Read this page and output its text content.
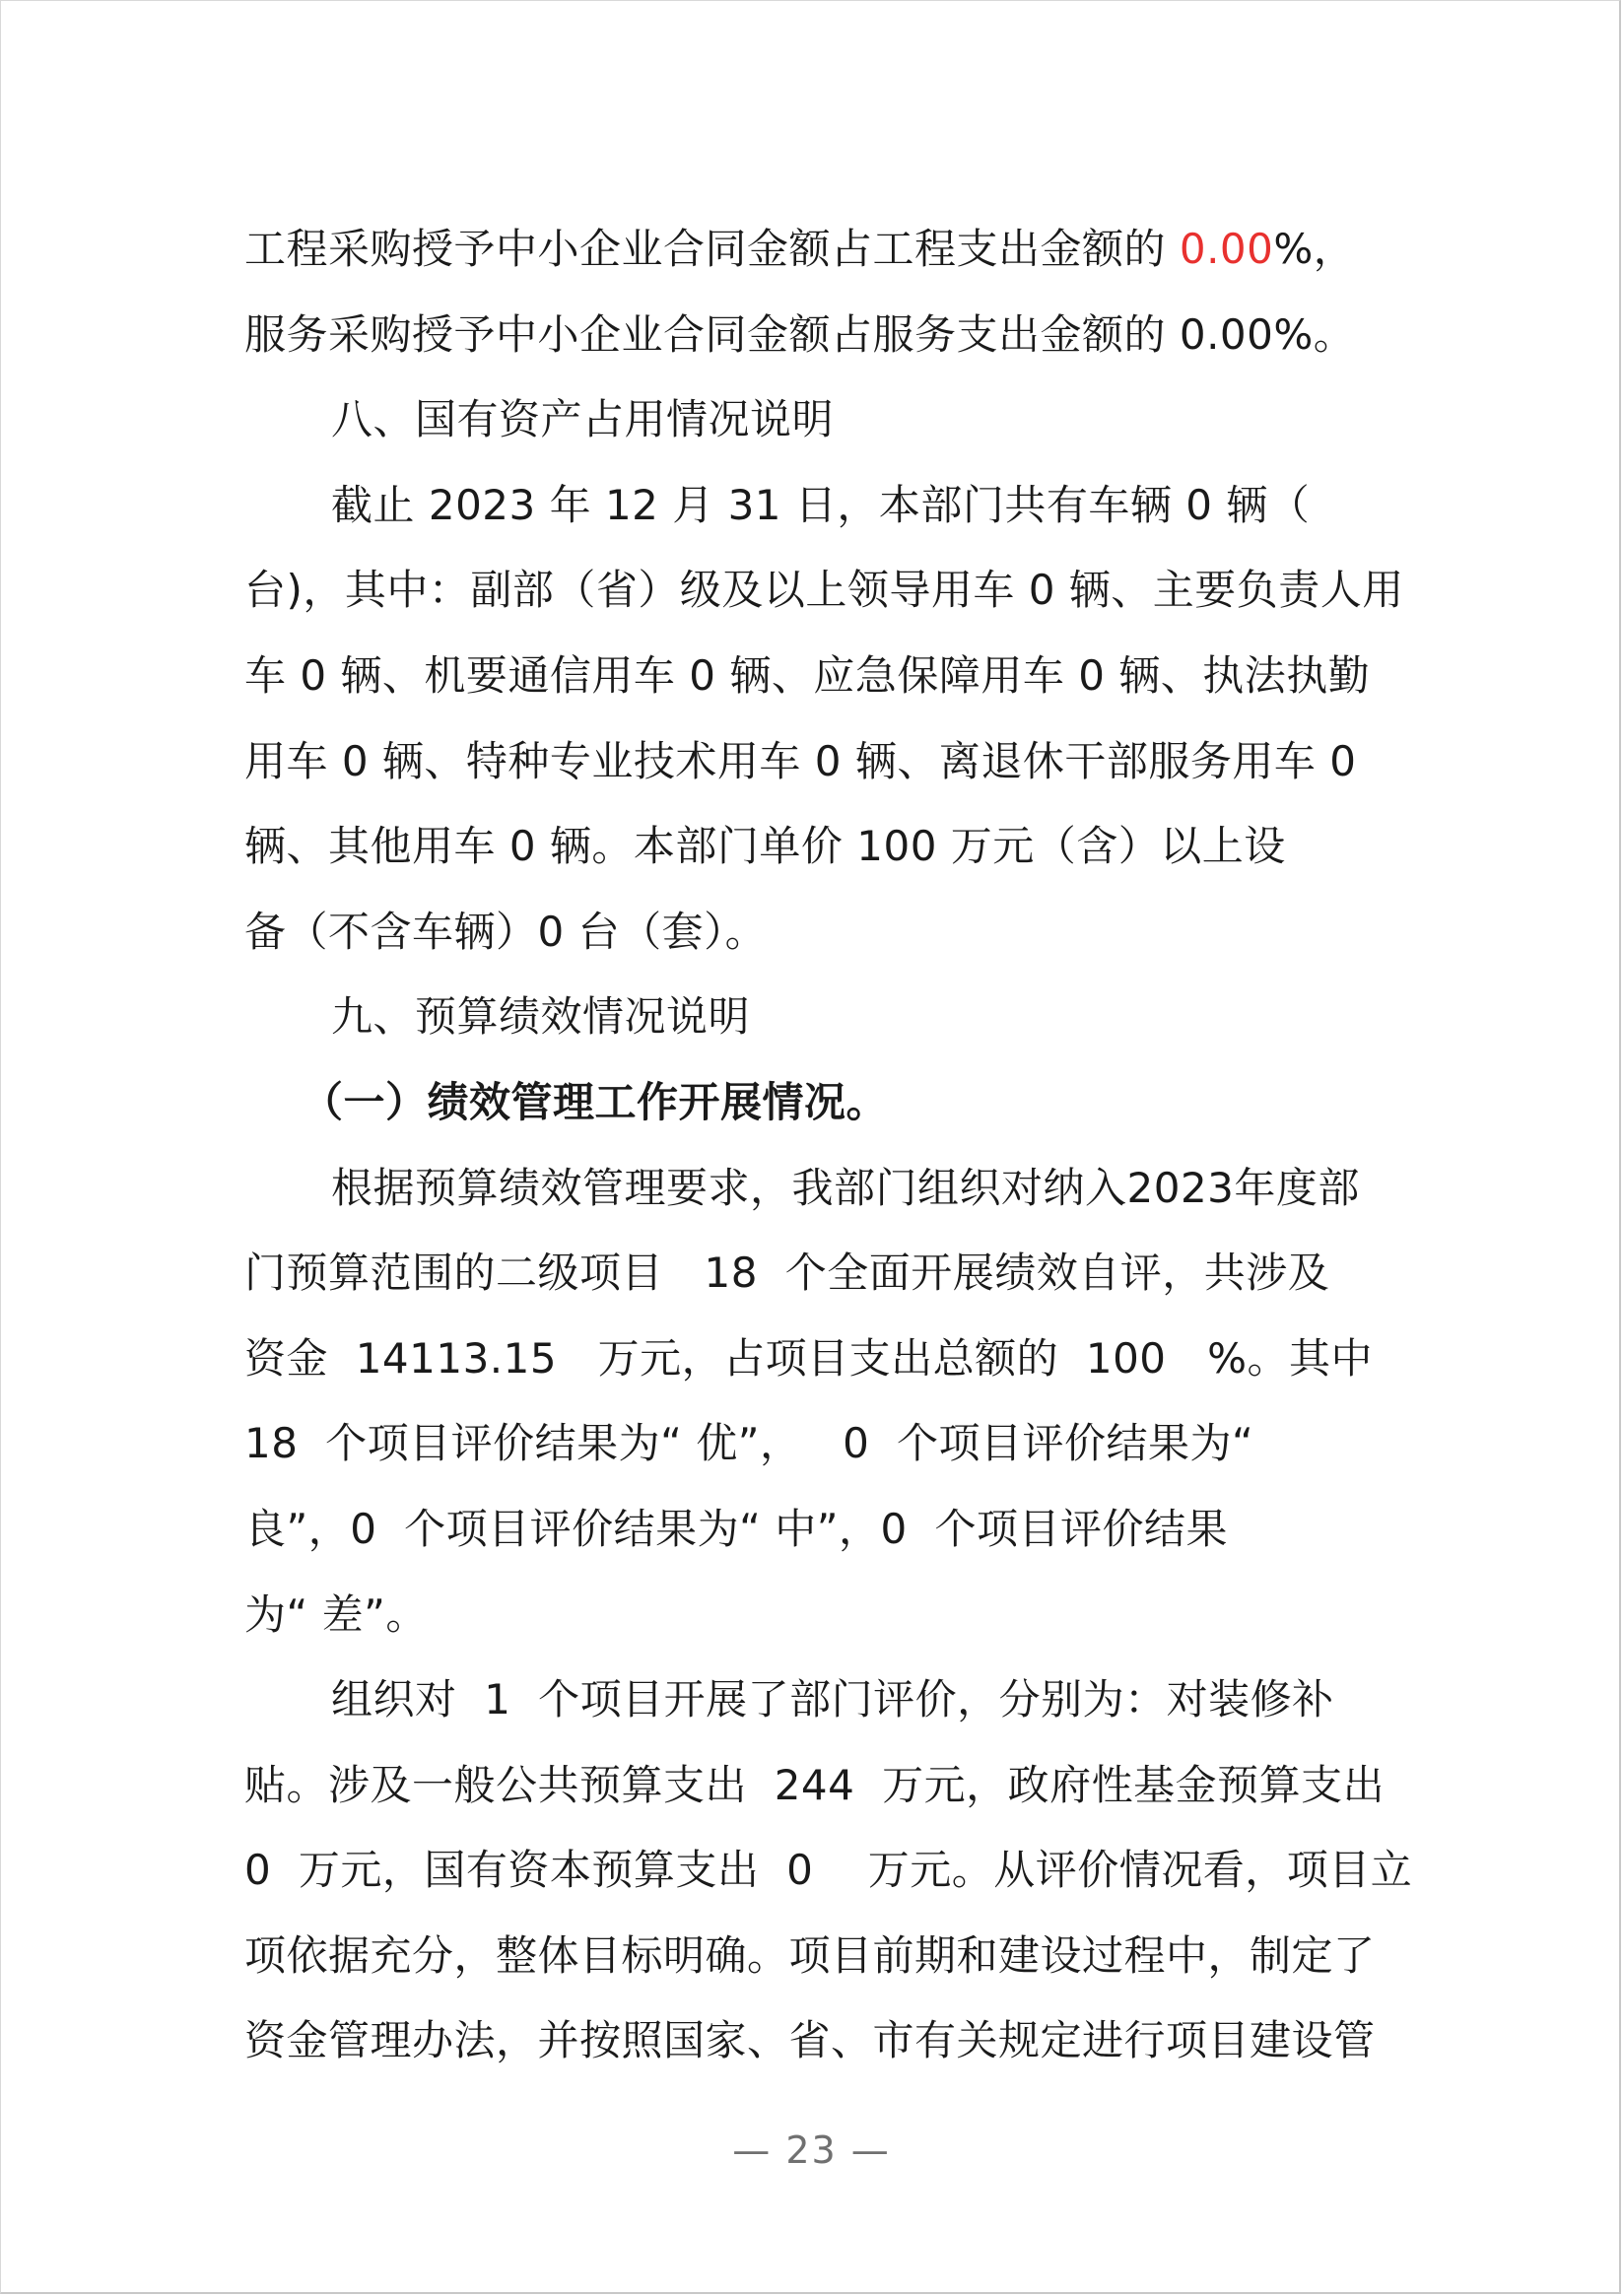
工程采购授予中小企业合同金额占工程支出金额的 0.00%，
服务采购授予中小企业合同金额占服务支出金额的 0.00%。
八、国有资产占用情况说明
截止 2023 年 12 月 31 日，本部门共有车辆 0 辆（
台)，其中：副部（省）级及以上领导用车 0 辆、主要负责人用
车 0 辆、机要通信用车 0 辆、应急保障用车 0 辆、执法执勤
用车 0 辆、特种专业技术用车 0 辆、离退休干部服务用车 0
辆、其他用车 0 辆。本部门单价 100 万元（含）以上设
备（不含车辆）0 台（套）。
九、预算绩效情况说明
（一）绩效管理工作开展情况。
根据预算绩效管理要求，我部门组织对纳入2023年度部
门预算范围的二级项目   18  个全面开展绩效自评，共涉及
资金  14113.15   万元，占项目支出总额的  100   %。其中
18  个项目评价结果为“ 优”，   0  个项目评价结果为“
良”，0  个项目评价结果为“ 中”，0  个项目评价结果
为“ 差”。
组织对  1  个项目开展了部门评价，分别为：对装修补
贴。涉及一般公共预算支出  244  万元，政府性基金预算支出
0  万元，国有资本预算支出  0    万元。从评价情况看，项目立
项依据充分，整体目标明确。项目前期和建设过程中，制定了
资金管理办法，并按照国家、省、市有关规定进行项目建设管
— 23 —
